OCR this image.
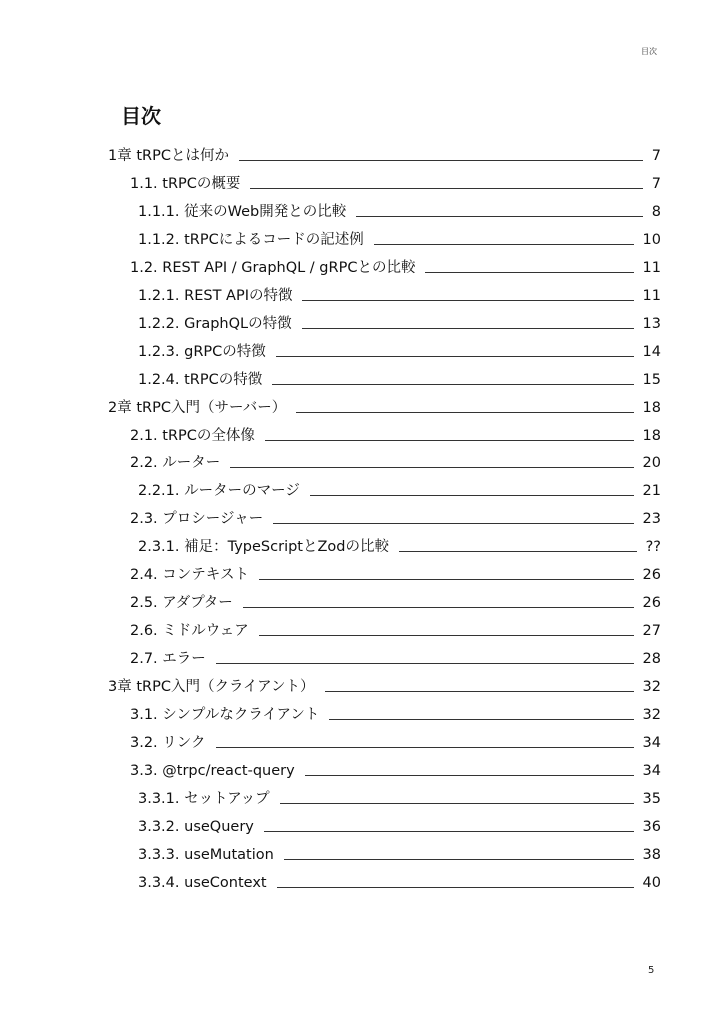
目次
目次
1章 tRPCとは何か	7
1.1. tRPCの概要	7
1.1.1. 従来のWeb開発との比較	8
1.1.2. tRPCによるコードの記述例	10
1.2. REST API / GraphQL / gRPCとの比較	11
1.2.1. REST APIの特徴	11
1.2.2. GraphQLの特徴	13
1.2.3. gRPCの特徴	14
1.2.4. tRPCの特徴	15
2章 tRPC入門（サーバー）	18
2.1. tRPCの全体像	18
2.2. ルーター	20
2.2.1. ルーターのマージ	21
2.3. プロシージャー	23
2.3.1. 補足：TypeScriptとZodの比較	??
2.4. コンテキスト	26
2.5. アダプター	26
2.6. ミドルウェア	27
2.7. エラー	28
3章 tRPC入門（クライアント）	32
3.1. シンプルなクライアント	32
3.2. リンク	34
3.3. @trpc/react-query	34
3.3.1. セットアップ	35
3.3.2. useQuery	36
3.3.3. useMutation	38
3.3.4. useContext	40
5
